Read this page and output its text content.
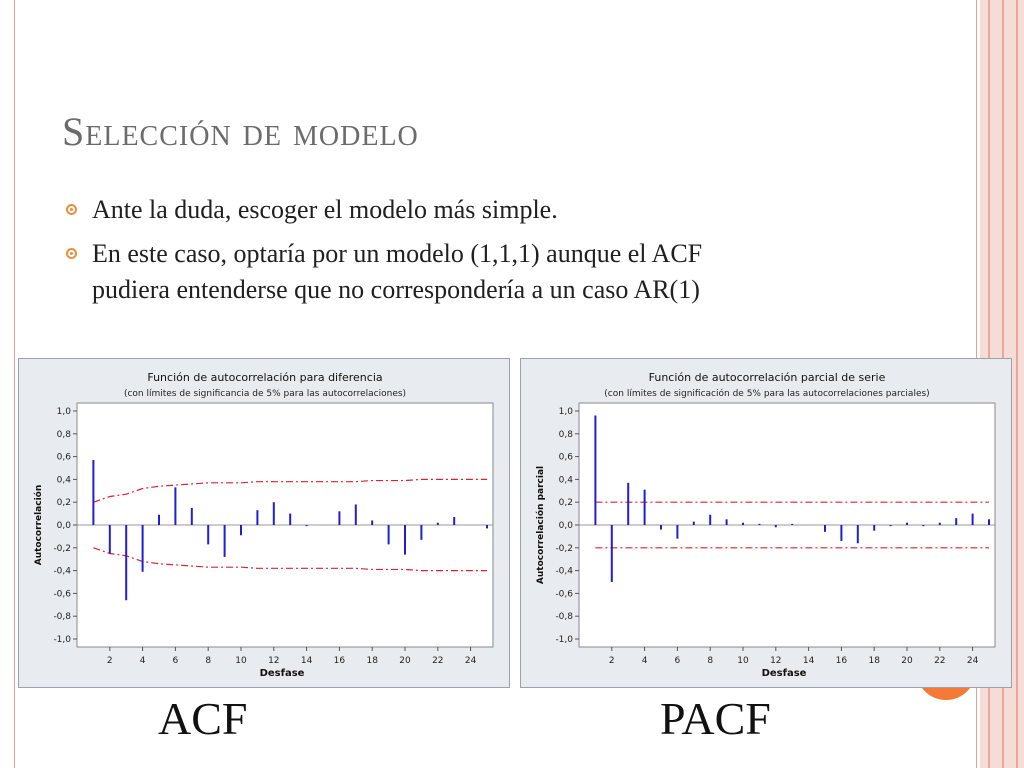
Selección de modelo
Ante la duda, escoger el modelo más simple.
En este caso, optaría por un modelo (1,1,1) aunque el ACF pudiera entenderse que no correspondería a un caso AR(1)
Función de autocorrelación para diferencia
(con límites de significancia de 5% para las autocorrelaciones)
1,0
0,8
0,6
0,4
0,2
0,0
-0,2
-0,4
-0,6
-0,8
-1,0
2	4	6	8	10 12 14 16 18 20 22 24
Desfase
Autocorrelación
Función de autocorrelación parcial de serie
(con límites de significación de 5% para las autocorrelaciones parciales)
1,0
0,8
0,6
0,4
0,2
0,0
-0,2
-0,4
-0,6
-0,8
-1,0
2	4	6	8	10 12 14 16 18 20 22 24
Desfase
Autocorrelación parcial
ACF	PACF
